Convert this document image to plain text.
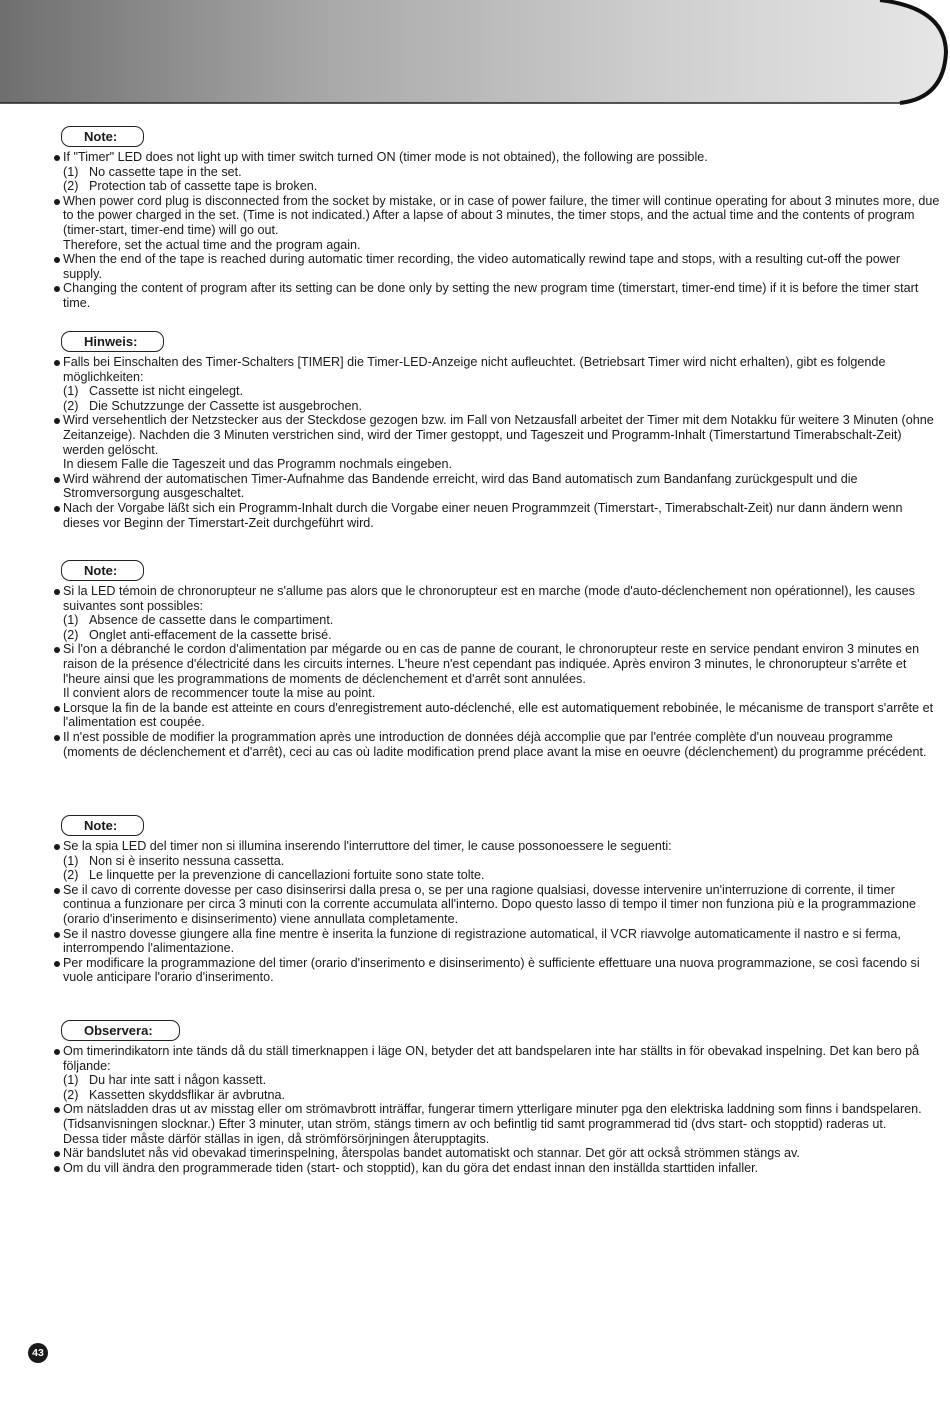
Note:
If "Timer" LED does not light up with timer switch turned ON (timer mode is not obtained), the following are possible.
(1) No cassette tape in the set.
(2) Protection tab of cassette tape is broken.
When power cord plug is disconnected from the socket by mistake, or in case of power failure, the timer will continue operating for about 3 minutes more, due to the power charged in the set. (Time is not indicated.) After a lapse of about 3 minutes, the timer stops, and the actual time and the contents of program (timer-start, timer-end time) will go out.
Therefore, set the actual time and the program again.
When the end of the tape is reached during automatic timer recording, the video automatically rewind tape and stops, with a resulting cut-off the power supply.
Changing the content of program after its setting can be done only by setting the new program time (timerstart, timer-end time) if it is before the timer start time.
Hinweis:
Falls bei Einschalten des Timer-Schalters [TIMER] die Timer-LED-Anzeige nicht aufleuchtet. (Betriebsart Timer wird nicht erhalten), gibt es folgende möglichkeiten:
(1) Cassette ist nicht eingelegt.
(2) Die Schutzzunge der Cassette ist ausgebrochen.
Wird versehentlich der Netzstecker aus der Steckdose gezogen bzw. im Fall von Netzausfall arbeitet der Timer mit dem Notakku für weitere 3 Minuten (ohne Zeitanzeige). Nachden die 3 Minuten verstrichen sind, wird der Timer gestoppt, und Tageszeit und Programm-Inhalt (Timerstartund Timerabschalt-Zeit) werden gelöscht.
In diesem Falle die Tageszeit und das Programm nochmals eingeben.
Wird während der automatischen Timer-Aufnahme das Bandende erreicht, wird das Band automatisch zum Bandanfang zurückgespult und die Stromversorgung ausgeschaltet.
Nach der Vorgabe läßt sich ein Programm-Inhalt durch die Vorgabe einer neuen Programmzeit (Timerstart-, Timerabschalt-Zeit) nur dann ändern wenn dieses vor Beginn der Timerstart-Zeit durchgeführt wird.
Note:
Si la LED témoin de chronorupteur ne s'allume pas alors que le chronorupteur est en marche (mode d'auto-déclenchement non opérationnel), les causes suivantes sont possibles:
(1) Absence de cassette dans le compartiment.
(2) Onglet anti-effacement de la cassette brisé.
Si l'on a débranché le cordon d'alimentation par mégarde ou en cas de panne de courant, le chronorupteur reste en service pendant environ 3 minutes en raison de la présence d'électricité dans les circuits internes. L'heure n'est cependant pas indiquée. Après environ 3 minutes, le chronorupteur s'arrête et l'heure ainsi que les programmations de moments de déclenchement et d'arrêt sont annulées.
Il convient alors de recommencer toute la mise au point.
Lorsque la fin de la bande est atteinte en cours d'enregistrement auto-déclenché, elle est automatiquement rebobinée, le mécanisme de transport s'arrête et l'alimentation est coupée.
Il n'est possible de modifier la programmation après une introduction de données déjà accomplie que par l'entrée complète d'un nouveau programme (moments de déclenchement et d'arrêt), ceci au cas où ladite modification prend place avant la mise en oeuvre (déclenchement) du programme précédent.
Note:
Se la spia LED del timer non si illumina inserendo l'interruttore del timer, le cause possonoessere le seguenti:
(1) Non si è inserito nessuna cassetta.
(2) Le linquette per la prevenzione di cancellazioni fortuite sono state tolte.
Se il cavo di corrente dovesse per caso disinserirsi dalla presa o, se per una ragione qualsiasi, dovesse intervenire un'interruzione di corrente, il timer continua a funzionare per circa 3 minuti con la corrente accumulata all'interno. Dopo questo lasso di tempo il timer non funziona più e la programmazione (orario d'inserimento e disinserimento) viene annullata completamente.
Se il nastro dovesse giungere alla fine mentre è inserita la funzione di registrazione automatical, il VCR riavvolge automaticamente il nastro e si ferma, interrompendo l'alimentazione.
Per modificare la programmazione del timer (orario d'inserimento e disinserimento) è sufficiente effettuare una nuova programmazione, se così facendo si vuole anticipare l'orario d'inserimento.
Observera:
Om timerindikatorn inte tänds då du ställ timerknappen i läge ON, betyder det att bandspelaren inte har ställts in för obevakad inspelning. Det kan bero på följande:
(1) Du har inte satt i någon kassett.
(2) Kassetten skyddsflikar är avbrutna.
Om nätsladden dras ut av misstag eller om strömavbrott inträffar, fungerar timern ytterligare minuter pga den elektriska laddning som finns i bandspelaren. (Tidsanvisningen slocknar.) Efter 3 minuter, utan ström, stängs timern av och befintlig tid samt programmerad tid (dvs start- och stopptid) raderas ut.
Dessa tider måste därför ställas in igen, då strömförsörjningen återupptagits.
När bandslutet nås vid obevakad timerinspelning, återspolas bandet automatiskt och stannar. Det gör att också strömmen stängs av.
Om du vill ändra den programmerade tiden (start- och stopptid), kan du göra det endast innan den inställda starttiden infaller.
43
